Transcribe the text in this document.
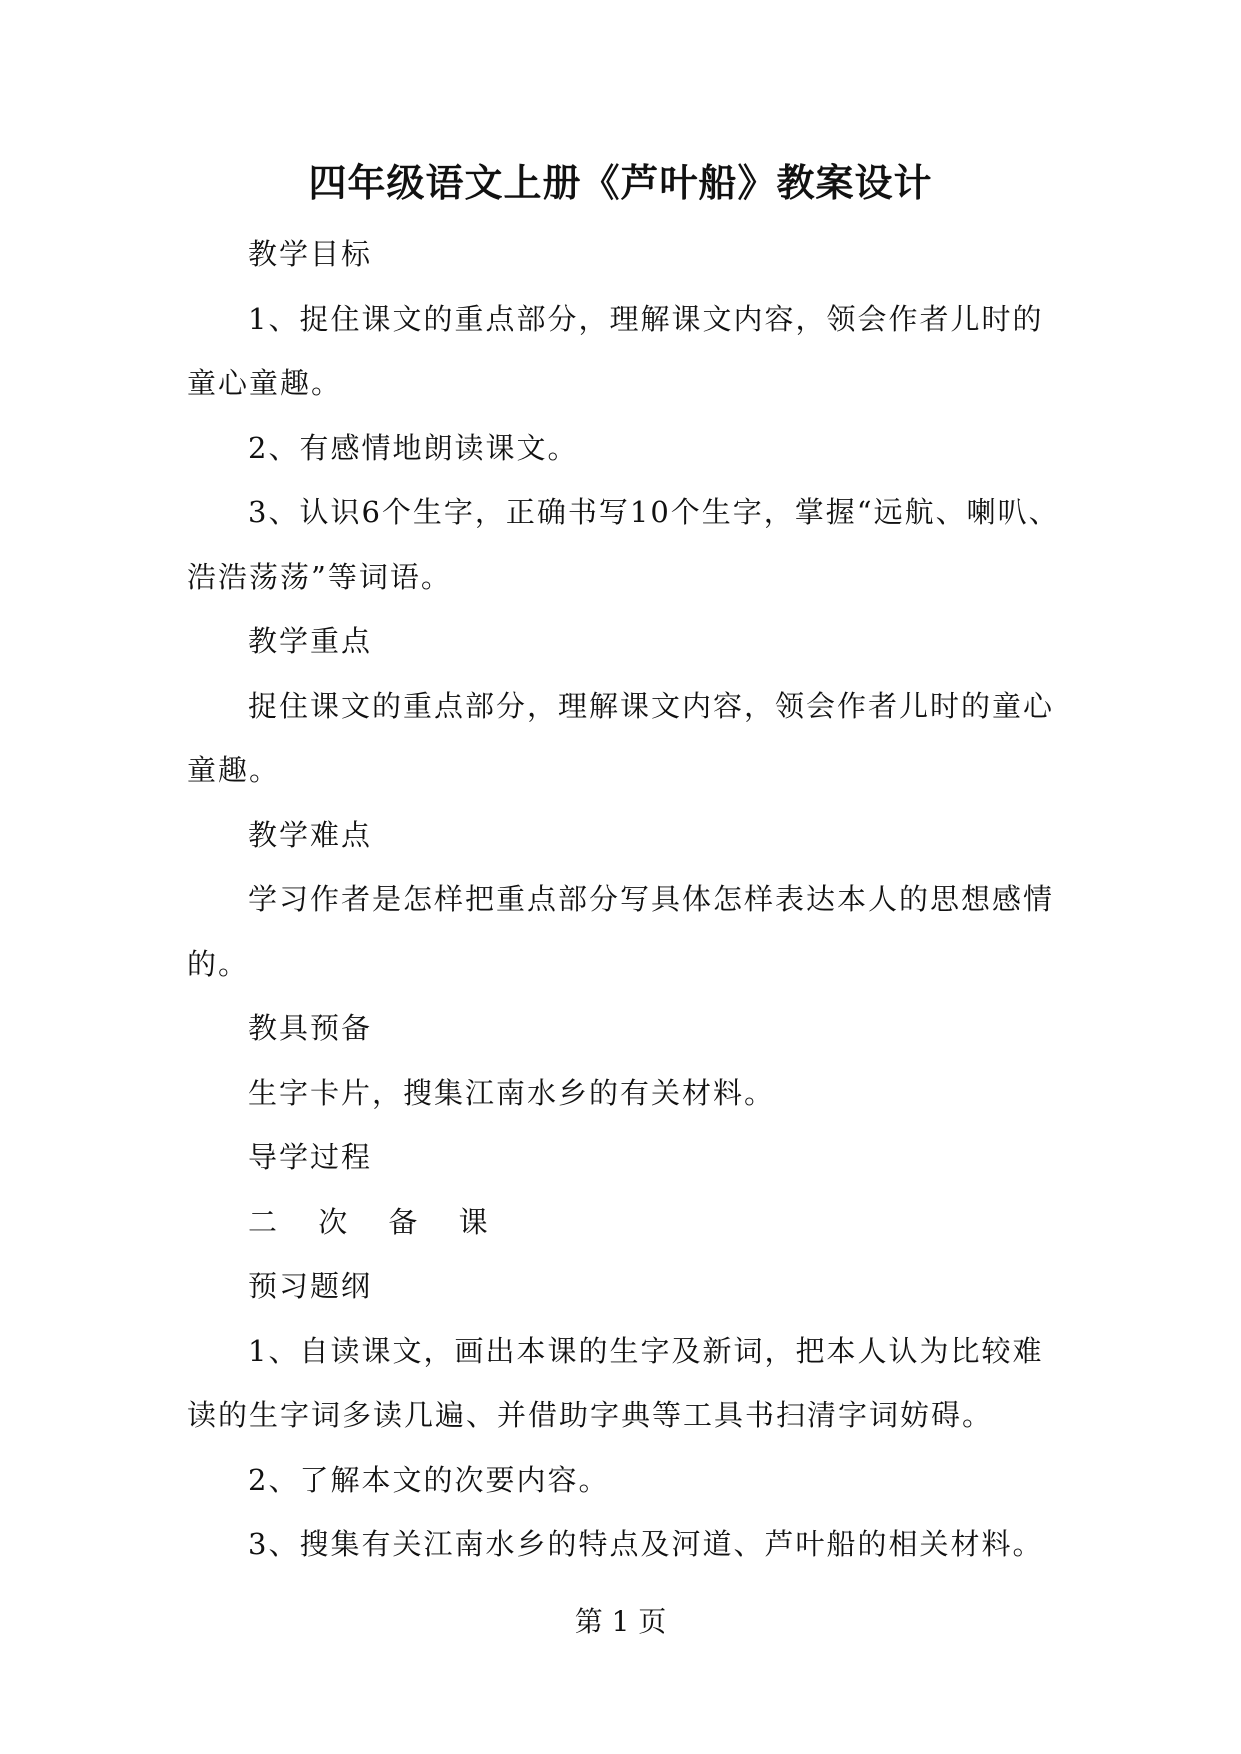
四年级语文上册《芦叶船》教案设计

教学目标

1、捉住课文的重点部分，理解课文内容，领会作者儿时的童心童趣。

2、有感情地朗读课文。

3、认识6个生字，正确书写10个生字，掌握“远航、喇叭、浩浩荡荡”等词语。

教学重点

捉住课文的重点部分，理解课文内容，领会作者儿时的童心童趣。

教学难点

学习作者是怎样把重点部分写具体怎样表达本人的思想感情的。

教具预备

生字卡片，搜集江南水乡的有关材料。

导学过程

二 次 备 课

预习题纲

1、自读课文，画出本课的生字及新词，把本人认为比较难读的生字词多读几遍、并借助字典等工具书扫清字词妨碍。

2、了解本文的次要内容。

3、搜集有关江南水乡的特点及河道、芦叶船的相关材料。

第 1 页
